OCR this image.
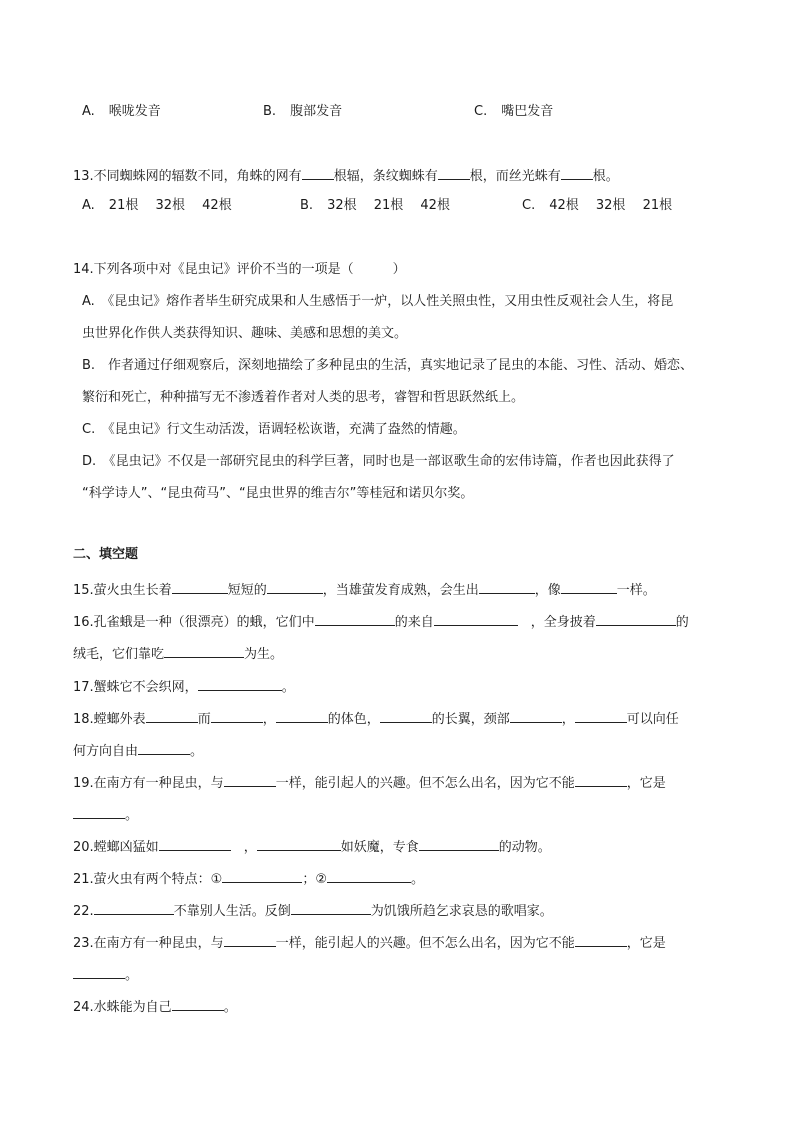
A. 喉咙发音	B. 腹部发音	C. 嘴巴发音
13.不同蜘蛛网的辐数不同，角蛛的网有 根辐，条纹蜘蛛有 根，而丝光蛛有 根。
A. 21根　 32根　 42根	B. 32根　 21根　 42根	C. 42根　 32根　 21根
14.下列各项中对《昆虫记》评价不当的一项是（　　　）
A.　《昆虫记》熔作者毕生研究成果和人生感悟于一炉，以人性关照虫性，又用虫性反观社会人生，将昆
虫世界化作供人类获得知识、趣味、美感和思想的美文。
B.　作者通过仔细观察后，深刻地描绘了多种昆虫的生活，真实地记录了昆虫的本能、习性、活动、婚恋、
繁衍和死亡，种种描写无不渗透着作者对人类的思考，睿智和哲思跃然纸上。
C.　《昆虫记》行文生动活泼，语调轻松诙谐，充满了盎然的情趣。
D.　《昆虫记》不仅是一部研究昆虫的科学巨著，同时也是一部讴歌生命的宏伟诗篇，作者也因此获得了
“科学诗人”、“昆虫荷马”、“昆虫世界的维吉尔”等桂冠和诺贝尔奖。
二、填空题
15.萤火虫生长着	短短的	，当雄萤发育成熟，会生出	，像	一样。
16.孔雀蛾是一种（很漂亮）的蛾，它们中	的来自	　，全身披着	的
绒毛，它们靠吃	为生。
17.蟹蛛它不会织网，	。
18.螳螂外表	而	，	的体色，	的长翼，颈部	，	可以向任
何方向自由	。
19.在南方有一种昆虫，与	一样，能引起人的兴趣。但不怎么出名，因为它不能	，它是
。
20.螳螂凶猛如	　，	如妖魔，专食	的动物。
21.萤火虫有两个特点：①	；②	。
22.	不靠别人生活。反倒	为饥饿所趋乞求哀恳的歌唱家。
23.在南方有一种昆虫，与	一样，能引起人的兴趣。但不怎么出名，因为它不能	，它是
。
24.水蛛能为自己	。
